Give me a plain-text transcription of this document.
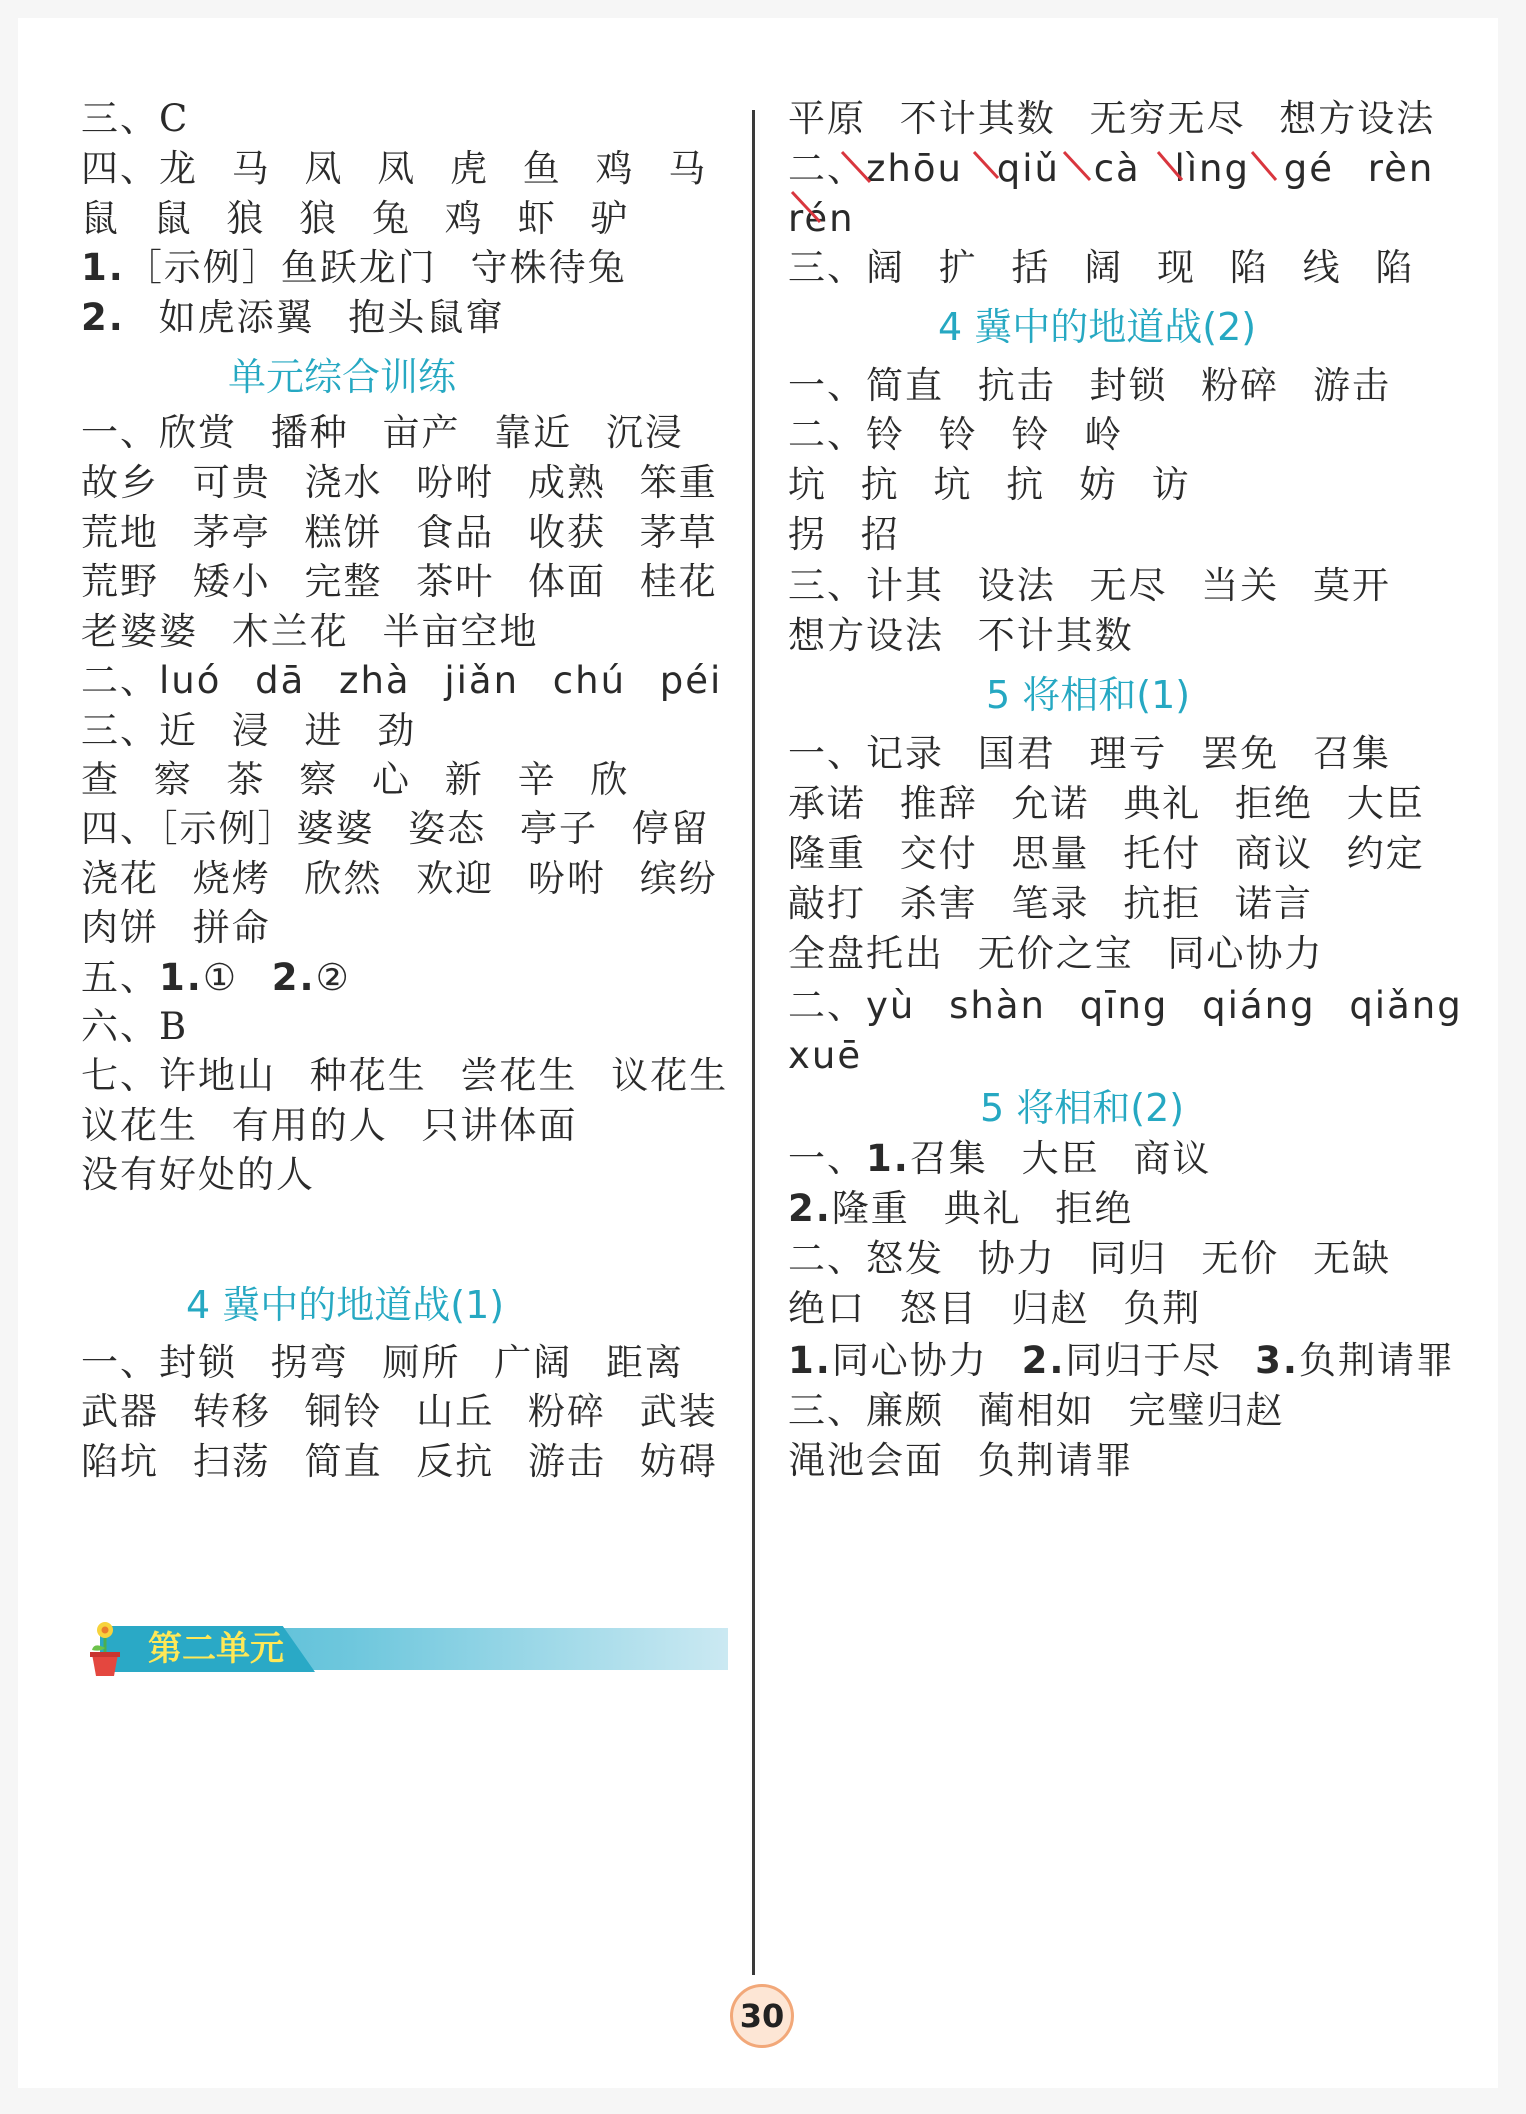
三、C
四、龙 马 凤 凤 虎 鱼 鸡 马
鼠 鼠 狼 狼 兔 鸡 虾 驴
1.［示例］鱼跃龙门 守株待兔
2. 如虎添翼 抱头鼠窜
单元综合训练
一、欣赏 播种 亩产 靠近 沉浸
故乡 可贵 浇水 吩咐 成熟 笨重
荒地 茅亭 糕饼 食品 收获 茅草
荒野 矮小 完整 茶叶 体面 桂花
老婆婆 木兰花 半亩空地
二、luó dā zhà jiǎn chú péi
三、近 浸 进 劲
查 察 茶 察 心 新 辛 欣
四、［示例］婆婆 姿态 亭子 停留
浇花 烧烤 欣然 欢迎 吩咐 缤纷
肉饼 拼命
五、1.① 2.②
六、B
七、许地山 种花生 尝花生 议花生
议花生 有用的人 只讲体面
没有好处的人
4 冀中的地道战(1)
一、封锁 拐弯 厕所 广阔 距离
武器 转移 铜铃 山丘 粉碎 武装
陷坑 扫荡 简直 反抗 游击 妨碍
第二单元
平原 不计其数 无穷无尽 想方设法
二、zhōu qiǔ cà lìng gé rèn
rén
三、阔 扩 括 阔 现 陷 线 陷
4 冀中的地道战(2)
一、简直 抗击 封锁 粉碎 游击
二、铃 铃 铃 岭
坑 抗 坑 抗 妨 访
拐 招
三、计其 设法 无尽 当关 莫开
想方设法 不计其数
5 将相和(1)
一、记录 国君 理亏 罢免 召集
承诺 推辞 允诺 典礼 拒绝 大臣
隆重 交付 思量 托付 商议 约定
敲打 杀害 笔录 抗拒 诺言
全盘托出 无价之宝 同心协力
二、yù shàn qīng qiáng qiǎng
xuē
5 将相和(2)
一、1.召集 大臣 商议
2.隆重 典礼 拒绝
二、怒发 协力 同归 无价 无缺
绝口 怒目 归赵 负荆
1.同心协力 2.同归于尽 3.负荆请罪
三、廉颇 蔺相如 完璧归赵
渑池会面 负荆请罪
30
